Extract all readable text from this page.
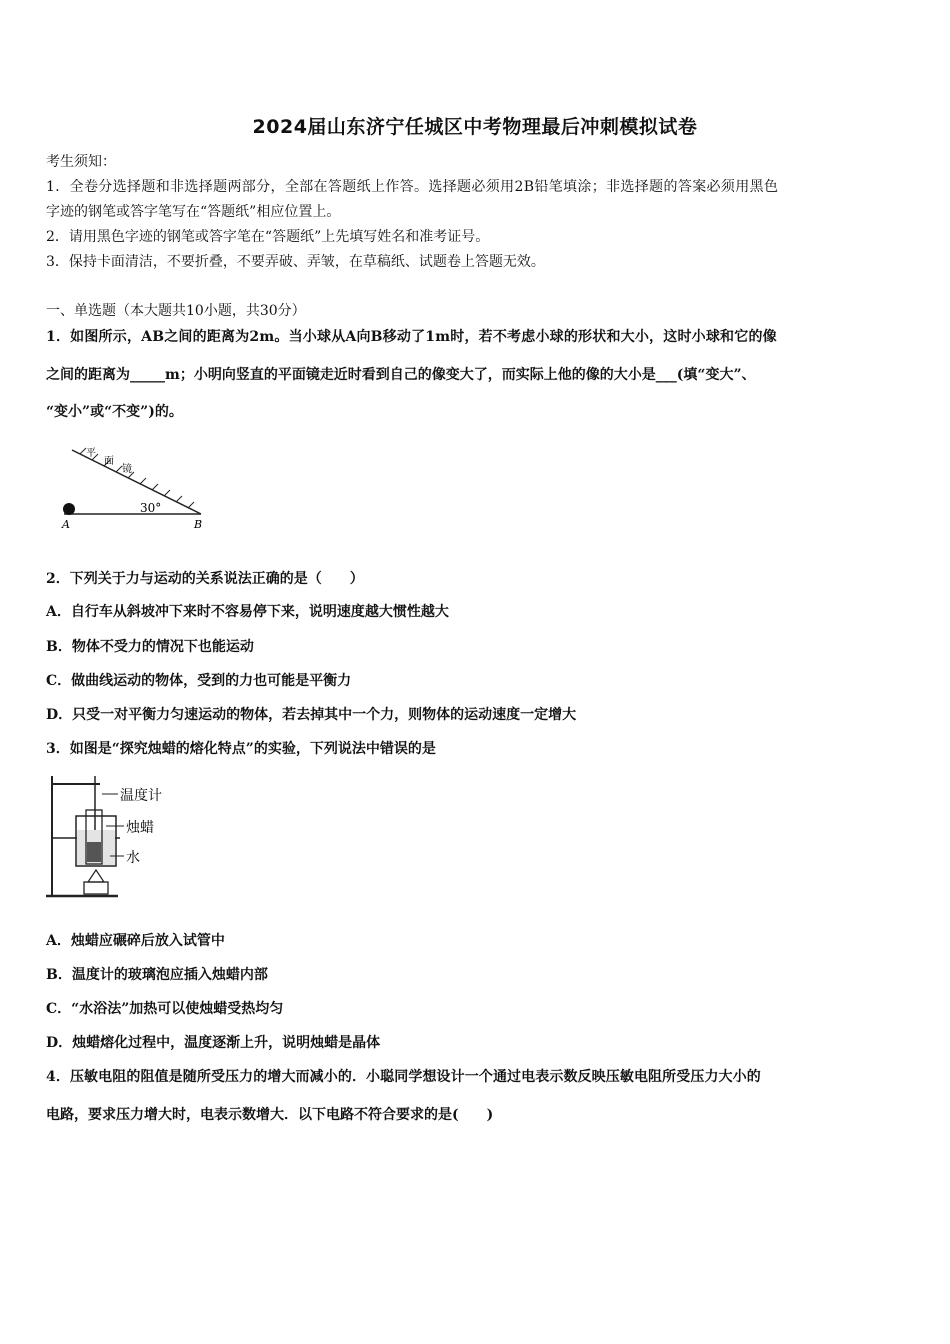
2024届山东济宁任城区中考物理最后冲刺模拟试卷
考生须知：
1．全卷分选择题和非选择题两部分，全部在答题纸上作答。选择题必须用2B铅笔填涂；非选择题的答案必须用黑色
字迹的钢笔或答字笔写在“答题纸”相应位置上。
2．请用黑色字迹的钢笔或答字笔在“答题纸”上先填写姓名和准考证号。
3．保持卡面清洁，不要折叠，不要弄破、弄皱，在草稿纸、试题卷上答题无效。
一、单选题（本大题共10小题，共30分）
1．如图所示，AB之间的距离为2m。当小球从A向B移动了1m时，若不考虑小球的形状和大小，这时小球和它的像
之间的距离为_____m；小明向竖直的平面镜走近时看到自己的像变大了，而实际上他的像的大小是___(填“变大”、
“变小”或“不变”)的。
平
面
镜
30°
A	B
2．下列关于力与运动的关系说法正确的是（　　）
A．自行车从斜坡冲下来时不容易停下来，说明速度越大惯性越大
B．物体不受力的情况下也能运动
C．做曲线运动的物体，受到的力也可能是平衡力
D．只受一对平衡力匀速运动的物体，若去掉其中一个力，则物体的运动速度一定增大
3．如图是“探究烛蜡的熔化特点”的实验，下列说法中错误的是
温度计
烛蜡
水
A．烛蜡应碾碎后放入试管中
B．温度计的玻璃泡应插入烛蜡内部
C．“水浴法”加热可以使烛蜡受热均匀
D．烛蜡熔化过程中，温度逐渐上升，说明烛蜡是晶体
4．压敏电阻的阻值是随所受压力的增大而减小的．小聪同学想设计一个通过电表示数反映压敏电阻所受压力大小的
电路，要求压力增大时，电表示数增大．以下电路不符合要求的是(　　)
